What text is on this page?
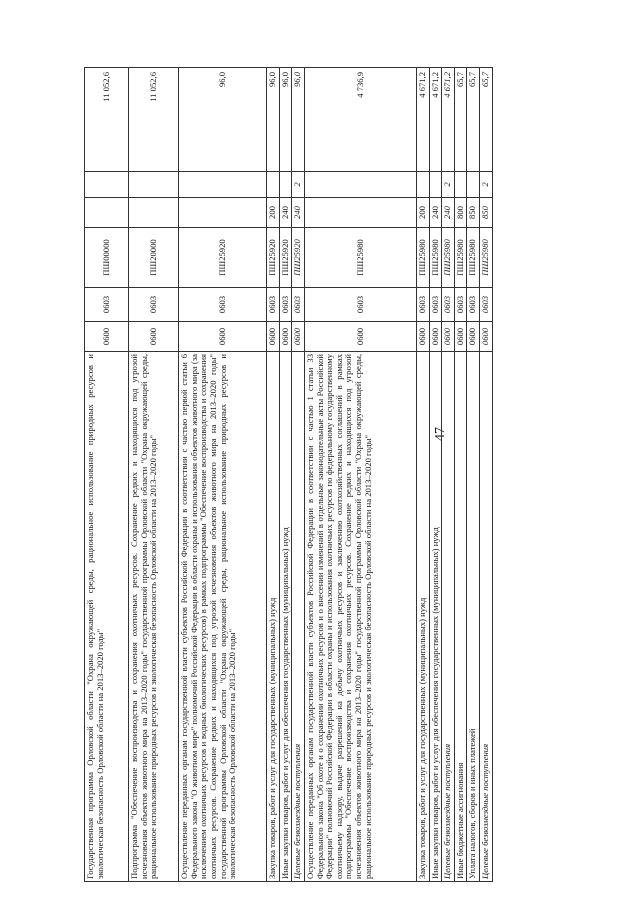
47
Государственная программа Орловской области "Охрана окружающей среды, рациональное использование природных ресурсов и экологическая безопасность Орловской области на 2013–2020 годы"	0600	0603	ПШ00000			11 052,6
Подпрограмма "Обеспечение воспроизводства и сохранения охотничьих ресурсов. Сохранение редких и находящихся под угрозой исчезновения объектов животного мира на 2013–2020 годы" государственной программы Орловской области "Охрана окружающей среды, рациональное использование природных ресурсов и экологическая безопасность Орловской области на 2013–2020 годы"	0600	0603	ПШ20000			11 052,6
Осуществление переданных органам государственной власти субъектов Российской Федерации в соответствии с частью первой статьи 6 Федерального закона "О животном мире" полномочий Российской Федерации в области охраны и использования объектов животного мира (за исключением охотничьих ресурсов и водных биологических ресурсов) в рамках подпрограммы "Обеспечение воспроизводства и сохранения охотничьих ресурсов. Сохранение редких и находящихся под угрозой исчезновения объектов животного мира на 2013–2020 годы" государственной программы Орловской области "Охрана окружающей среды, рациональное использование природных ресурсов и экологическая безопасность Орловской области на 2013–2020 годы"	0600	0603	ПШ25920			96,0
Закупка товаров, работ и услуг для государственных (муниципальных) нужд	0600	0603	ПШ25920	200		96,0
Иные закупки товаров, работ и услуг для обеспечения государственных (муниципальных) нужд	0600	0603	ПШ25920	240		96,0
Целевые безвозмездные поступления	0600	0603	ПШ25920	240	2	96,0
Осуществление переданных органам государственной власти субъектов Российской Федерации в соответствии с частью 1 статьи 33 Федерального закона "Об охоте и о сохранении охотничьих ресурсов и о внесении изменений в отдельные законодательные акты Российской Федерации" полномочий Российской Федерации в области охраны и использования охотничьих ресурсов по федеральному государственному охотничьему надзору, выдаче разрешений на добычу охотничьих ресурсов и заключению охотхозяйственных соглашений в рамках подпрограммы "Обеспечение воспроизводства и сохранения охотничьих ресурсов. Сохранение редких и находящихся под угрозой исчезновения объектов животного мира на 2013–2020 годы" государственной программы Орловской области "Охрана окружающей среды, рациональное использование природных ресурсов и экологическая безопасность Орловской области на 2013–2020 годы"	0600	0603	ПШ25980			4 736,9
Закупка товаров, работ и услуг для государственных (муниципальных) нужд	0600	0603	ПШ25980	200		4 671,2
Иные закупки товаров, работ и услуг для обеспечения государственных (муниципальных) нужд	0600	0603	ПШ25980	240		4 671,2
Целевые безвозмездные поступления	0600	0603	ПШ25980	240	2	4 671,2
Иные бюджетные ассигнования	0600	0603	ПШ25980	800		65,7
Уплата налогов, сборов и иных платежей	0600	0603	ПШ25980	850		65,7
Целевые безвозмездные поступления	0600	0603	ПШ25980	850	2	65,7
